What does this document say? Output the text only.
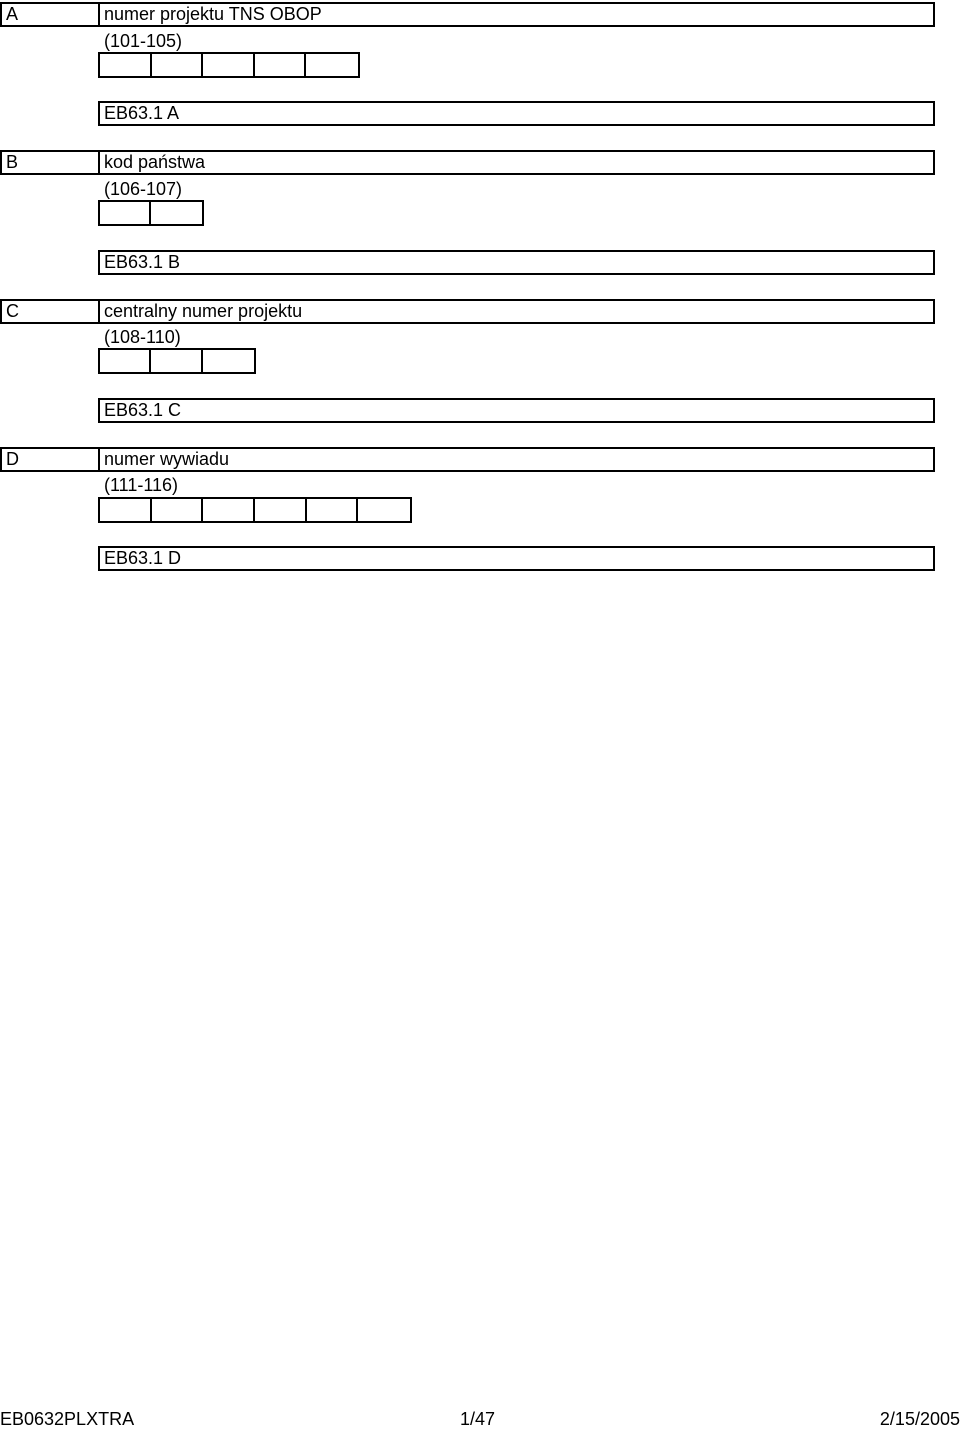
A	numer projektu TNS OBOP
(101-105)
EB63.1 A
B	kod państwa
(106-107)
EB63.1 B
C	centralny numer projektu
(108-110)
EB63.1 C
D	numer wywiadu
(111-116)
EB63.1 D
EB0632PLXTRA	1/47	2/15/2005
